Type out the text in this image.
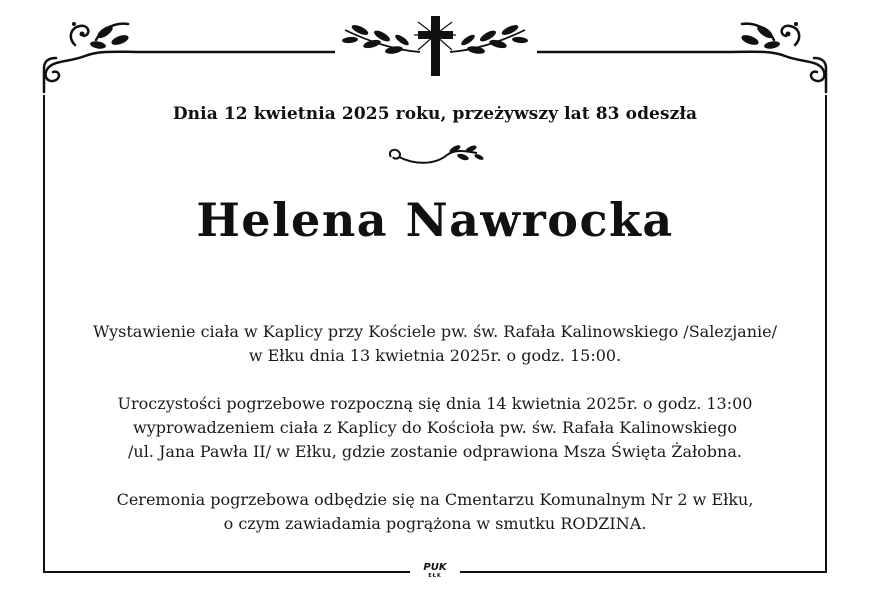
Dnia 12 kwietnia 2025 roku, przeżywszy lat 83 odeszła
Helena Nawrocka
Wystawienie ciała w Kaplicy przy Kościele pw. św. Rafała Kalinowskiego /Salezjanie/
w Ełku dnia 13 kwietnia 2025r. o godz. 15:00.
Uroczystości pogrzebowe rozpoczną się dnia 14 kwietnia 2025r. o godz. 13:00
wyprowadzeniem ciała z Kaplicy do Kościoła pw. św. Rafała Kalinowskiego
/ul. Jana Pawła II/ w Ełku, gdzie zostanie odprawiona Msza Święta Żałobna.
Ceremonia pogrzebowa odbędzie się na Cmentarzu Komunalnym Nr 2 w Ełku,
o czym zawiadamia pogrążona w smutku RODZINA.
PUK
EŁK
